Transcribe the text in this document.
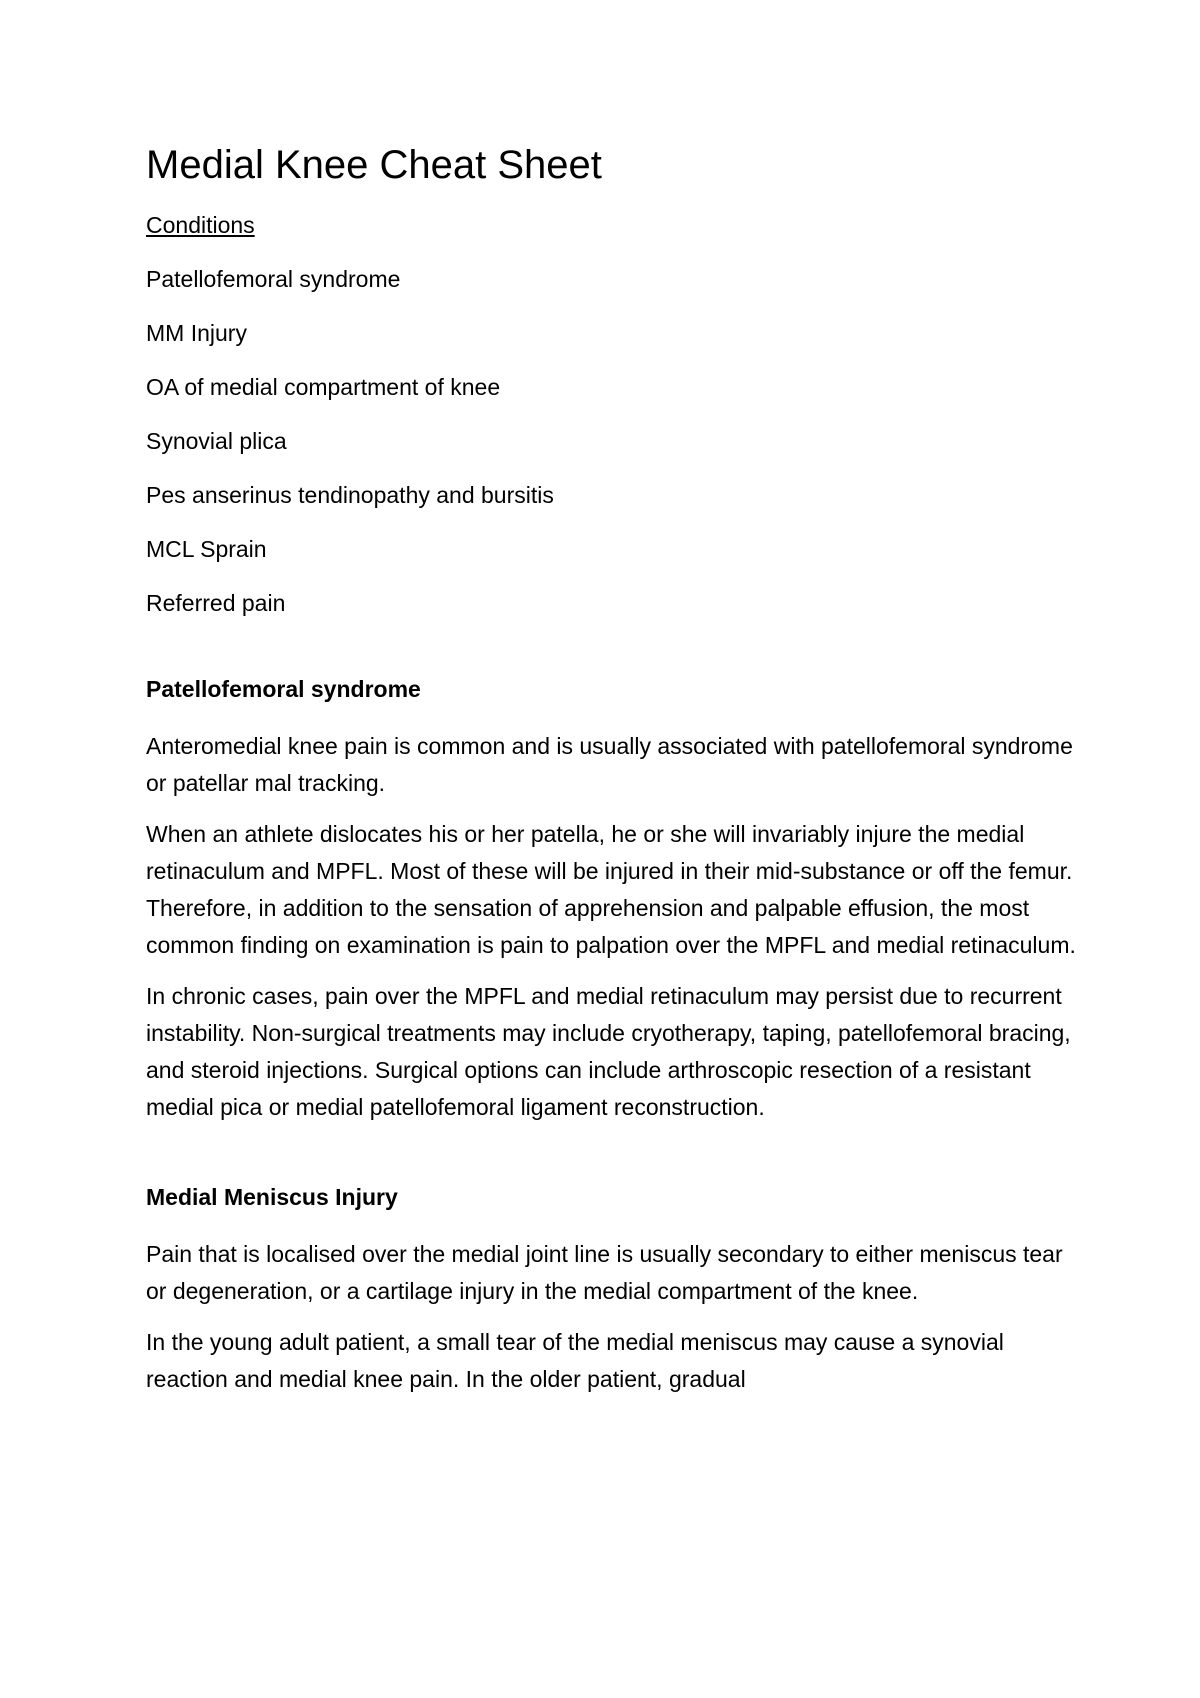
Medial Knee Cheat Sheet
Conditions
Patellofemoral syndrome
MM Injury
OA of medial compartment of knee
Synovial plica
Pes anserinus tendinopathy and bursitis
MCL Sprain
Referred pain
Patellofemoral syndrome

Anteromedial knee pain is common and is usually associated with patellofemoral syndrome or patellar mal tracking.

When an athlete dislocates his or her patella, he or she will invariably injure the medial retinaculum and MPFL. Most of these will be injured in their mid-substance or off the femur. Therefore, in addition to the sensation of apprehension and palpable effusion, the most common finding on examination is pain to palpation over the MPFL and medial retinaculum.

In chronic cases, pain over the MPFL and medial retinaculum may persist due to recurrent instability. Non-surgical treatments may include cryotherapy, taping, patellofemoral bracing, and steroid injections. Surgical options can include arthroscopic resection of a resistant medial pica or medial patellofemoral ligament reconstruction.

Medial Meniscus Injury

Pain that is localised over the medial joint line is usually secondary to either meniscus tear or degeneration, or a cartilage injury in the medial compartment of the knee.

In the young adult patient, a small tear of the medial meniscus may cause a synovial reaction and medial knee pain. In the older patient, gradual
